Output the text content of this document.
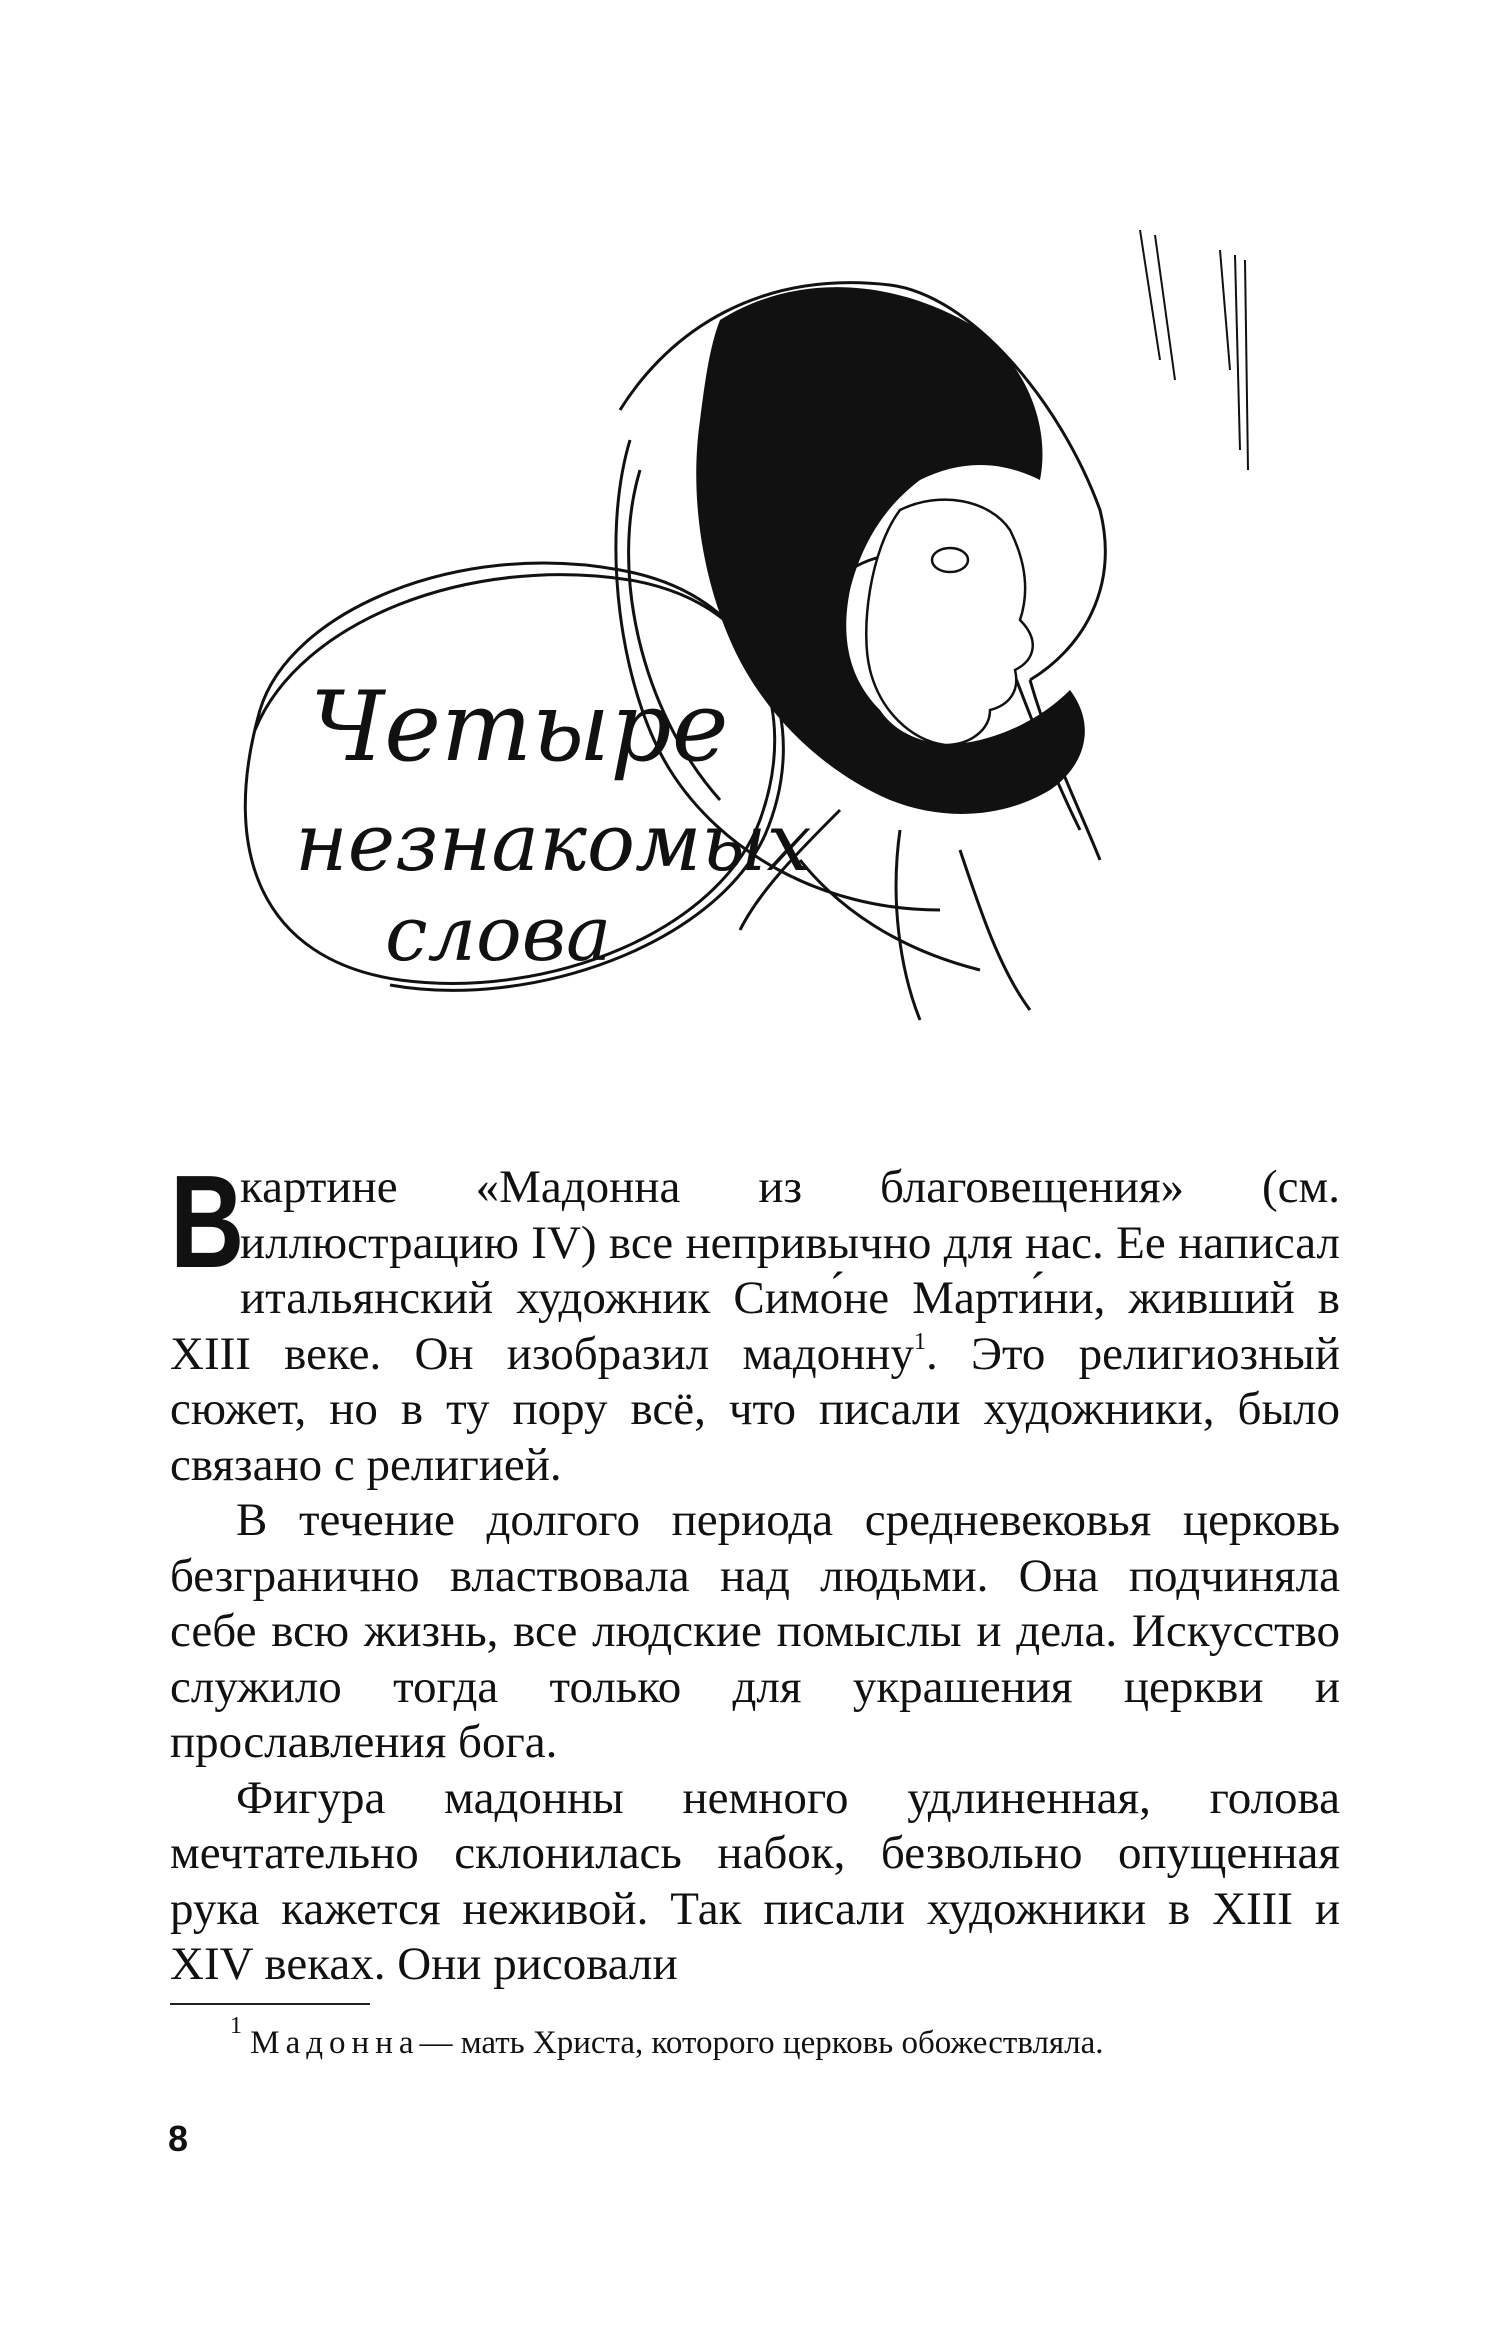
Четыре
незнакомых
слова

В
картине «Мадонна из благовещения» (см. иллюстрацию IV) все непривычно для нас. Ее написал итальянский художник Симо́не Марти́ни, живший в XIII веке. Он изобразил мадонну$^1$. Это религиозный сюжет, но в ту пору всё, что писали художники, было связано с религией.

В течение долгого периода средневековья церковь безгранично властвовала над людьми. Она подчиняла себе всю жизнь, все людские помыслы и дела. Искусство служило тогда только для украшения церкви и прославления бога.

Фигура мадонны немного удлиненная, голова мечтательно склонилась набок, безвольно опущенная рука кажется неживой. Так писали художники в XIII и XIV веках. Они рисовали

$^1$ Мадонна— мать Христа, которого церковь обожествляла.
8
